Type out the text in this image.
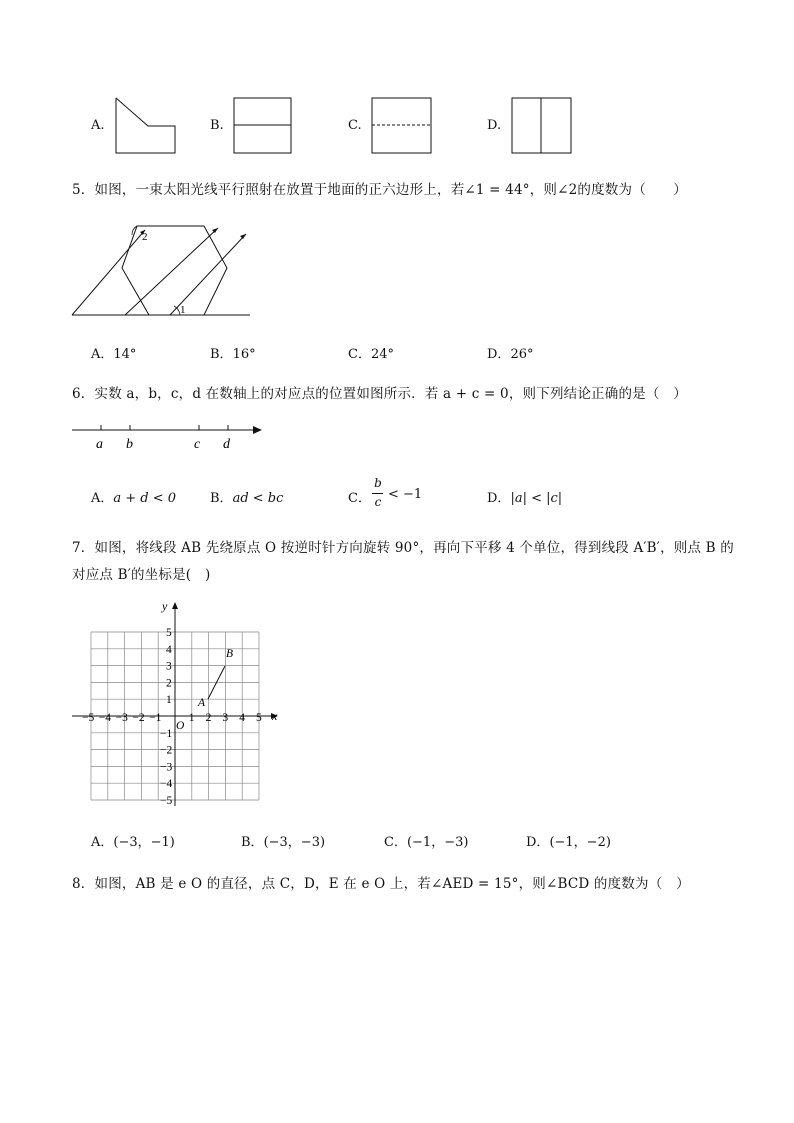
A.	B.	C.	D.
5．如图，一束太阳光线平行照射在放置于地面的正六边形上，若∠1 = 44°，则∠2的度数为（　　）
1
2
A．14°	B．16°	C．24°	D．26°
6．实数 a，b，c，d 在数轴上的对应点的位置如图所示．若 a + c = 0，则下列结论正确的是（　）
a b	c d
A．a + d < 0	B．ad < bc	C．
b
c < −1	D．|a| < |c|
7．如图，将线段 AB 先绕原点 O 按逆时针方向旋转 90°，再向下平移 4 个单位，得到线段 A′B′，则点 B 的
对应点 B′的坐标是(　)
x
y
O
−5 −4 −3 −2 −1 1 2 3 4 5
5
4
3
2
1
−1
−2
−3
−4
−5
A
B
A．(−3，−1)	B．(−3，−3)	C．(−1，−3)	D．(−1，−2)
8．如图，AB 是 e O 的直径，点 C，D，E 在 e O 上，若∠AED = 15°，则∠BCD 的度数为（　）
